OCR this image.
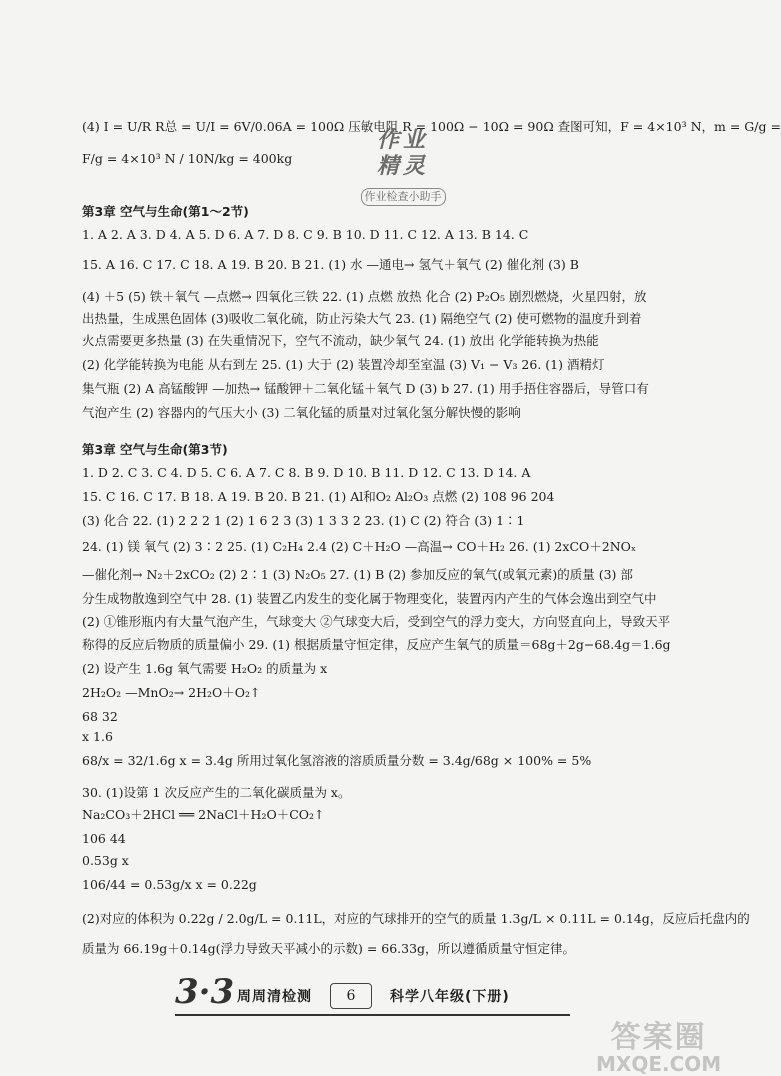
(4) I = U/R R总 = U/I = 6V/0.06A = 100Ω 压敏电阻 R = 100Ω − 10Ω = 90Ω 查图可知，F = 4×10³ N，m = G/g =
F/g = 4×10³ N / 10N/kg = 400kg
第3章 空气与生命(第1～2节)
1. A 2. A 3. D 4. A 5. D 6. A 7. D 8. C 9. B 10. D 11. C 12. A 13. B 14. C
15. A 16. C 17. C 18. A 19. B 20. B 21. (1) 水 —通电→ 氢气＋氧气 (2) 催化剂 (3) B
(4) ＋5 (5) 铁＋氧气 —点燃→ 四氧化三铁 22. (1) 点燃 放热 化合 (2) P₂O₅ 剧烈燃烧，火星四射，放
出热量，生成黑色固体 (3)吸收二氧化硫，防止污染大气 23. (1) 隔绝空气 (2) 使可燃物的温度升到着
火点需要更多热量 (3) 在失重情况下，空气不流动，缺少氧气 24. (1) 放出 化学能转换为热能
(2) 化学能转换为电能 从右到左 25. (1) 大于 (2) 装置冷却至室温 (3) V₁ − V₃ 26. (1) 酒精灯
集气瓶 (2) A 高锰酸钾 —加热→ 锰酸钾＋二氧化锰＋氧气 D (3) b 27. (1) 用手捂住容器后，导管口有
气泡产生 (2) 容器内的气压大小 (3) 二氧化锰的质量对过氧化氢分解快慢的影响
第3章 空气与生命(第3节)
1. D 2. C 3. C 4. D 5. C 6. A 7. C 8. B 9. D 10. B 11. D 12. C 13. D 14. A
15. C 16. C 17. B 18. A 19. B 20. B 21. (1) Al和O₂ Al₂O₃ 点燃 (2) 108 96 204
(3) 化合 22. (1) 2 2 2 1 (2) 1 6 2 3 (3) 1 3 3 2 23. (1) C (2) 符合 (3) 1∶1
24. (1) 镁 氧气 (2) 3∶2 25. (1) C₂H₄ 2.4 (2) C＋H₂O —高温→ CO＋H₂ 26. (1) 2xCO＋2NOₓ
—催化剂→ N₂＋2xCO₂ (2) 2∶1 (3) N₂O₅ 27. (1) B (2) 参加反应的氧气(或氧元素)的质量 (3) 部
分生成物散逸到空气中 28. (1) 装置乙内发生的变化属于物理变化，装置丙内产生的气体会逸出到空气中
(2) ①锥形瓶内有大量气泡产生，气球变大 ②气球变大后，受到空气的浮力变大，方向竖直向上，导致天平
称得的反应后物质的质量偏小 29. (1) 根据质量守恒定律，反应产生氧气的质量＝68g＋2g−68.4g＝1.6g
(2) 设产生 1.6g 氧气需要 H₂O₂ 的质量为 x
2H₂O₂ —MnO₂→ 2H₂O＋O₂↑
68 32
x 1.6
68/x = 32/1.6g x = 3.4g 所用过氧化氢溶液的溶质质量分数 = 3.4g/68g × 100% = 5%
30. (1)设第 1 次反应产生的二氧化碳质量为 x。
Na₂CO₃＋2HCl ══ 2NaCl＋H₂O＋CO₂↑
106 44
0.53g x
106/44 = 0.53g/x x = 0.22g
(2)对应的体积为 0.22g / 2.0g/L = 0.11L，对应的气球排开的空气的质量 1.3g/L × 0.11L = 0.14g，反应后托盘内的
质量为 66.19g＋0.14g(浮力导致天平减小的示数) = 66.33g，所以遵循质量守恒定律。
作业
精灵
作业检查小助手
3·3 周周清检测	6	科学八年级(下册)
答案圈
MXQE.COM
